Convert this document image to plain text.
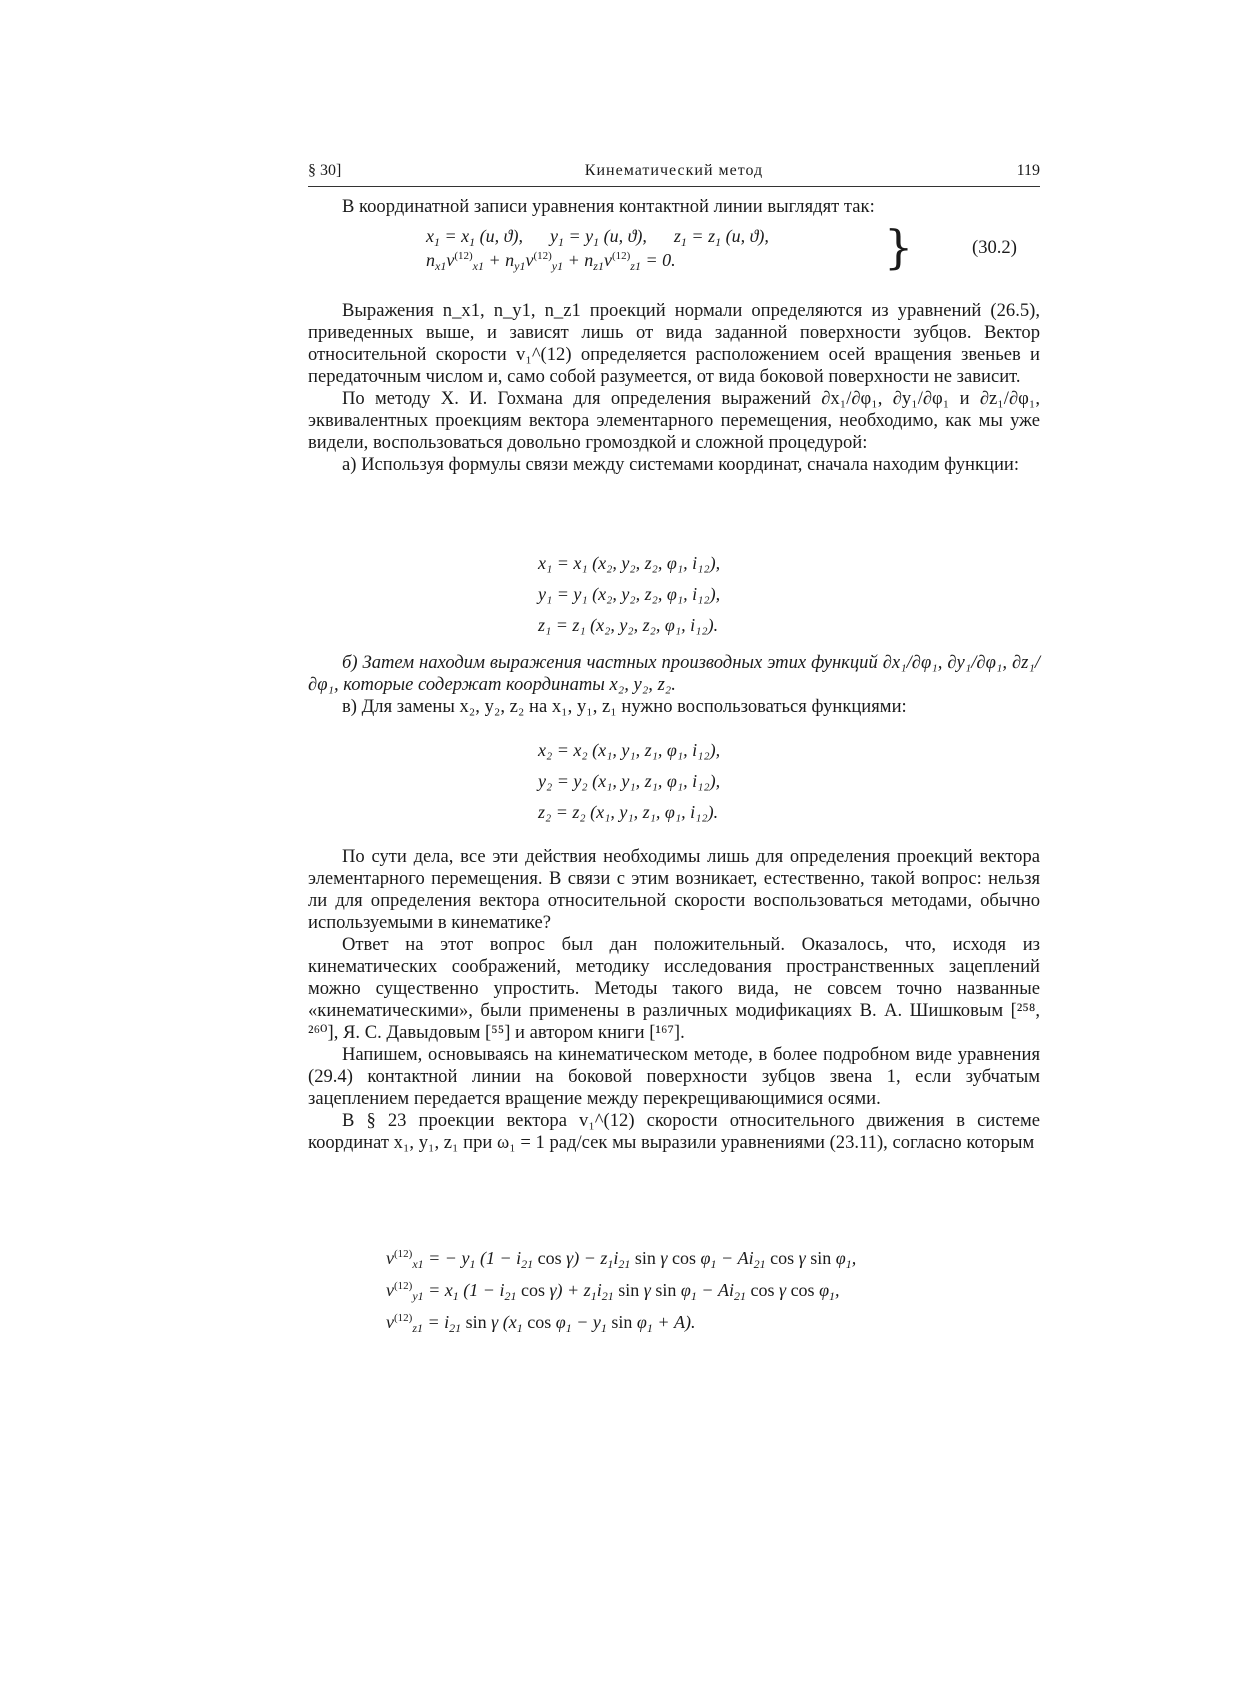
§ 30]	Кинематический метод	119

В координатной записи уравнения контактной линии выглядят так:

$x_1 = x_1$ (u, ϑ),      $y_1 = y_1$ (u, ϑ),      $z_1 = z_1$ (u, ϑ),
$n_{x1}v^{(12)}_{x1} + n_{y1}v^{(12)}_{y1} + n_{z1}v^{(12)}_{z1} = 0$.	}	(30.2)

Выражения n_x1, n_y1, n_z1 проекций нормали определяются из уравнений (26.5), приведенных выше, и зависят лишь от вида заданной поверхности зубцов. Вектор относительной скорости v₁^(12) определяется расположением осей вращения звеньев и передаточным числом и, само собой разумеется, от вида боковой поверхности не зависит.

По методу Х. И. Гохмана для определения выражений ∂x₁/∂φ₁, ∂y₁/∂φ₁ и ∂z₁/∂φ₁, эквивалентных проекциям вектора элементарного перемещения, необходимо, как мы уже видели, воспользоваться довольно громоздкой и сложной процедурой:

а) Используя формулы связи между системами координат, сначала находим функции:

x₁ = x₁ (x₂, y₂, z₂, φ₁, i₁₂),
y₁ = y₁ (x₂, y₂, z₂, φ₁, i₁₂),
z₁ = z₁ (x₂, y₂, z₂, φ₁, i₁₂).

б) Затем находим выражения частных производных этих функций ∂x₁/∂φ₁, ∂y₁/∂φ₁, ∂z₁/∂φ₁, которые содержат координаты x₂, y₂, z₂.

в) Для замены x₂, y₂, z₂ на x₁, y₁, z₁ нужно воспользоваться функциями:

x₂ = x₂ (x₁, y₁, z₁, φ₁, i₁₂),
y₂ = y₂ (x₁, y₁, z₁, φ₁, i₁₂),
z₂ = z₂ (x₁, y₁, z₁, φ₁, i₁₂).

По сути дела, все эти действия необходимы лишь для определения проекций вектора элементарного перемещения. В связи с этим возникает, естественно, такой вопрос: нельзя ли для определения вектора относительной скорости воспользоваться методами, обычно используемыми в кинематике?

Ответ на этот вопрос был дан положительный. Оказалось, что, исходя из кинематических соображений, методику исследования пространственных зацеплений можно существенно упростить. Методы такого вида, не совсем точно названные «кинематическими», были применены в различных модификациях В. А. Шишковым [²⁵⁸, ²⁶⁰], Я. С. Давыдовым [⁵⁵] и автором книги [¹⁶⁷].

Напишем, основываясь на кинематическом методе, в более подробном виде уравнения (29.4) контактной линии на боковой поверхности зубцов звена 1, если зубчатым зацеплением передается вращение между перекрещивающимися осями.

В § 23 проекции вектора v₁^(12) скорости относительного движения в системе координат x₁, y₁, z₁ при ω₁ = 1 рад/сек мы выразили уравнениями (23.11), согласно которым

$v^{(12)}_{x1}$ = − $y_1$ ($1 - i_{21}$ $\cos \gamma) - z_1i_{21}$ sin γ $\cos \varphi_1 - Ai_{21}$ cos γ $\sin \varphi_1$,
$v^{(12)}_{y1} = x_1$ ($1 - i_{21}$ $\cos \gamma) + z_1i_{21}$ sin γ $\sin \varphi_1 - Ai_{21}$ cos γ $\cos \varphi_1$,
$v^{(12)}_{z1} = i_{21}$ sin γ ($x_1$ $\cos \varphi_1 - y_1$ $\sin \varphi_1 + A$).
